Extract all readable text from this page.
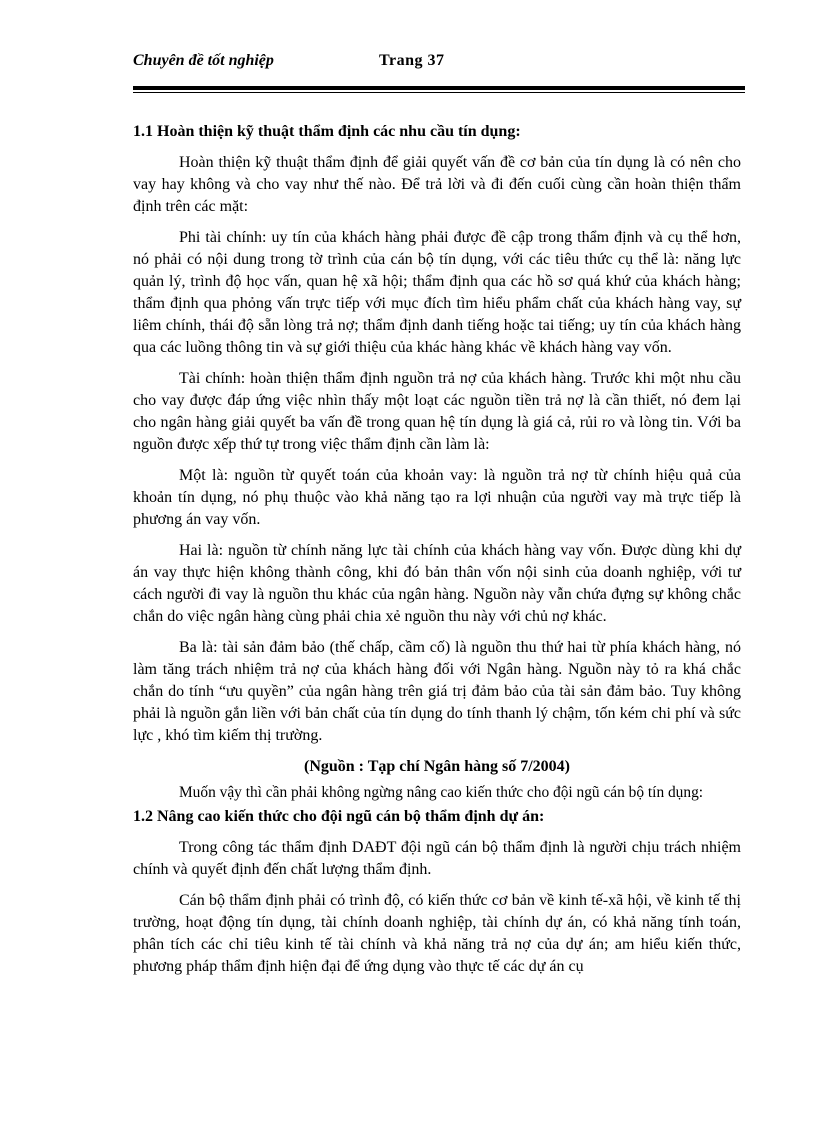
Chuyên đề tốt nghiệp	Trang 37

1.1 Hoàn thiện kỹ thuật thẩm định các nhu cầu tín dụng:

Hoàn thiện kỹ thuật thẩm định để giải quyết vấn đề cơ bản của tín dụng là có nên cho vay hay không và cho vay như thế nào. Để trả lời và đi đến cuối cùng cần hoàn thiện thẩm định trên các mặt:

Phi tài chính: uy tín của khách hàng phải được đề cập trong thẩm định và cụ thể hơn, nó phải có nội dung trong tờ trình của cán bộ tín dụng, với các tiêu thức cụ thể là: năng lực quản lý, trình độ học vấn, quan hệ xã hội; thẩm định qua các hồ sơ quá khứ của khách hàng; thẩm định qua phỏng vấn trực tiếp với mục đích tìm hiểu phẩm chất của khách hàng vay, sự liêm chính, thái độ sẵn lòng trả nợ; thẩm định danh tiếng hoặc tai tiếng; uy tín của khách hàng qua các luồng thông tin và sự giới thiệu của khác hàng khác về khách hàng vay vốn.

Tài chính: hoàn thiện thẩm định nguồn trả nợ của khách hàng. Trước khi một nhu cầu cho vay được đáp ứng việc nhìn thấy một loạt các nguồn tiền trả nợ là cần thiết, nó đem lại cho ngân hàng giải quyết ba vấn đề trong quan hệ tín dụng là giá cả, rủi ro và lòng tin. Với ba nguồn được xếp thứ tự trong việc thẩm định cần làm là:

Một là: nguồn từ quyết toán của khoản vay: là nguồn trả nợ từ chính hiệu quả của khoản tín dụng, nó phụ thuộc vào khả năng tạo ra lợi nhuận của người vay mà trực tiếp là phương án vay vốn.

Hai là: nguồn từ chính năng lực tài chính của khách hàng vay vốn. Được dùng khi dự án vay thực hiện không thành công, khi đó bản thân vốn nội sinh của doanh nghiệp, với tư cách người đi vay là nguồn thu khác của ngân hàng. Nguồn này vẫn chứa đựng sự không chắc chắn do việc ngân hàng cùng phải chia xẻ nguồn thu này với chủ nợ khác.

Ba là: tài sản đảm bảo (thế chấp, cầm cố) là nguồn thu thứ hai từ phía khách hàng, nó làm tăng trách nhiệm trả nợ của khách hàng đối với Ngân hàng. Nguồn này tỏ ra khá chắc chắn do tính “ưu quyền” của ngân hàng trên giá trị đảm bảo của tài sản đảm bảo. Tuy không phải là nguồn gắn liền với bản chất của tín dụng do tính thanh lý chậm, tốn kém chi phí và sức lực , khó tìm kiếm thị trường.

(Nguồn : Tạp chí Ngân hàng số 7/2004)

Muốn vậy thì cần phải không ngừng nâng cao kiến thức cho đội ngũ cán bộ tín dụng:

1.2 Nâng cao kiến thức cho đội ngũ cán bộ thẩm định dự án:

Trong công tác thẩm định DAĐT đội ngũ cán bộ thẩm định là người chịu trách nhiệm chính và quyết định đến chất lượng thẩm định.

Cán bộ thẩm định phải có trình độ, có kiến thức cơ bản về kinh tế-xã hội, về kinh tế thị trường, hoạt động tín dụng, tài chính doanh nghiệp, tài chính dự án, có khả năng tính toán, phân tích các chỉ tiêu kinh tế tài chính và khả năng trả nợ của dự án; am hiểu kiến thức, phương pháp thẩm định hiện đại để ứng dụng vào thực tế các dự án cụ
